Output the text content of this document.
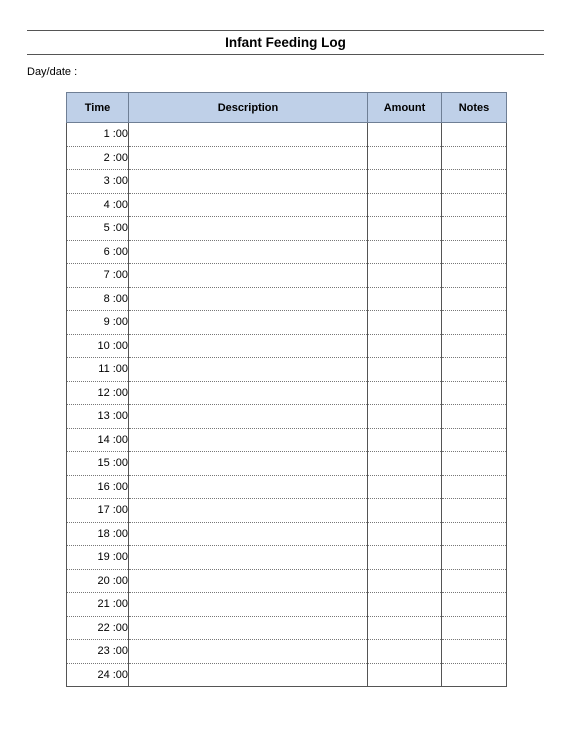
Infant Feeding Log
Day/date :
Time	Description	Amount	Notes
1 :00			
2 :00			
3 :00			
4 :00			
5 :00			
6 :00			
7 :00			
8 :00			
9 :00			
10 :00			
11 :00			
12 :00			
13 :00			
14 :00			
15 :00			
16 :00			
17 :00			
18 :00			
19 :00			
20 :00			
21 :00			
22 :00			
23 :00			
24 :00			
